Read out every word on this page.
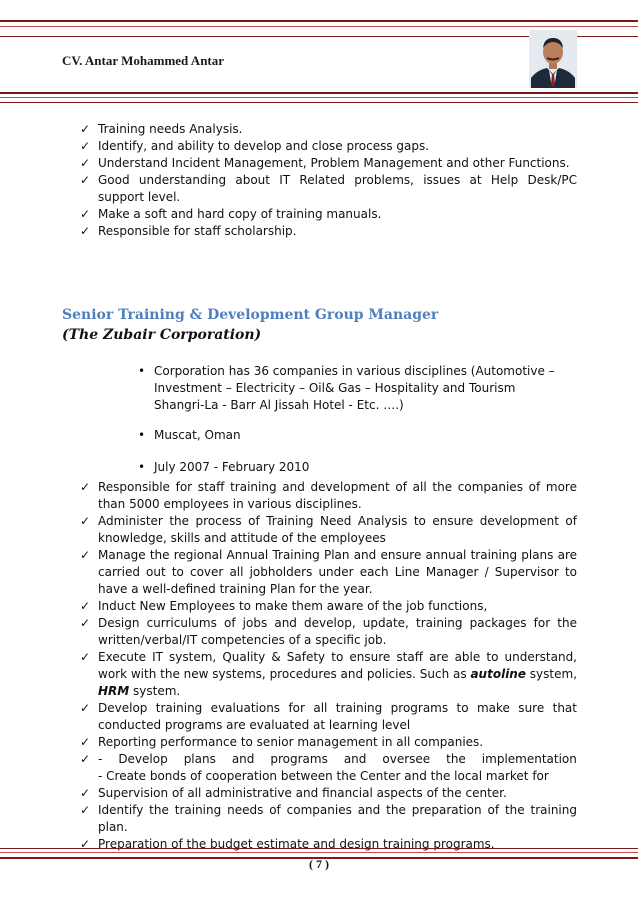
CV. Antar Mohammed Antar
✓ Training needs Analysis.
✓ Identify, and ability to develop and close process gaps.
✓ Understand Incident Management, Problem Management and other Functions.
✓ Good understanding about IT Related problems, issues at Help Desk/PC support level.
✓ Make a soft and hard copy of training manuals.
✓ Responsible for staff scholarship.
Senior Training & Development Group Manager
(The Zubair Corporation)
• Corporation has 36 companies in various disciplines (Automotive – Investment – Electricity – Oil& Gas – Hospitality and Tourism Shangri-La - Barr Al Jissah Hotel - Etc. ….)
• Muscat, Oman
• July 2007 - February 2010
✓ Responsible for staff training and development of all the companies of more than 5000 employees in various disciplines.
✓ Administer the process of Training Need Analysis to ensure development of knowledge, skills and attitude of the employees
✓ Manage the regional Annual Training Plan and ensure annual training plans are carried out to cover all jobholders under each Line Manager / Supervisor to have a well-defined training Plan for the year.
✓ Induct New Employees to make them aware of the job functions,
✓ Design curriculums of jobs and develop, update, training packages for the written/verbal/IT competencies of a specific job.
✓ Execute IT system, Quality & Safety to ensure staff are able to understand, work with the new systems, procedures and policies. Such as autoline system, HRM system.
✓ Develop training evaluations for all training programs to make sure that conducted programs are evaluated at learning level
✓ Reporting performance to senior management in all companies.
✓ - Develop plans and programs and oversee the implementation
- Create bonds of cooperation between the Center and the local market for
✓ Supervision of all administrative and financial aspects of the center.
✓ Identify the training needs of companies and the preparation of the training plan.
✓ Preparation of the budget estimate and design training programs.
( 7 )
